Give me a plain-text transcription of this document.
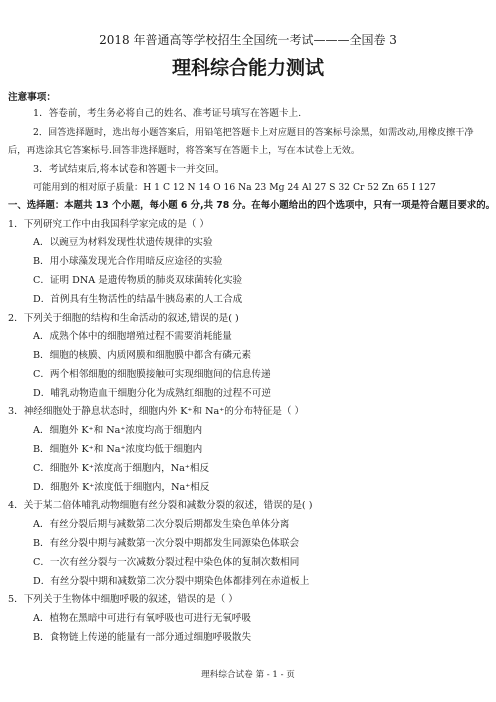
2018 年普通高等学校招生全国统一考试———全国卷 3
理科综合能力测试
注意事项：
1．答卷前，考生务必将自己的姓名、准考证号填写在答题卡上.
2．回答选择题时，选出每小题答案后，用铅笔把答题卡上对应题目的答案标号涂黑，如需改动,用橡皮擦干净
后，再选涂其它答案标号.回答非选择题时，将答案写在答题卡上，写在本试卷上无效。
3．考试结束后,将本试卷和答题卡一并交回。
可能用到的相对原子质量：H 1 C 12 N 14 O 16 Na 23 Mg 24 Al 27 S 32 Cr 52 Zn 65 I 127
一、选择题：本题共 13 个小题，每小题 6 分,共 78 分。在每小题给出的四个选项中，只有一项是符合题目要求的。
1．下列研究工作中由我国科学家完成的是（ ）
A．以豌豆为材料发现性状遗传规律的实验
B．用小球藻发现光合作用暗反应途径的实验
C．证明 DNA 是遗传物质的肺炎双球菌转化实验
D．首例具有生物活性的结晶牛胰岛素的人工合成
2．下列关于细胞的结构和生命活动的叙述,错误的是( )
A．成熟个体中的细胞增殖过程不需要消耗能量
B．细胞的核膜、内质网膜和细胞膜中都含有磷元素
C．两个相邻细胞的细胞膜接触可实现细胞间的信息传递
D．哺乳动物造血干细胞分化为成熟红细胞的过程不可逆
3．神经细胞处于静息状态时，细胞内外 K⁺和 Na⁺的分布特征是（ ）
A．细胞外 K⁺和 Na⁺浓度均高于细胞内
B．细胞外 K⁺和 Na⁺浓度均低于细胞内
C．细胞外 K⁺浓度高于细胞内，Na⁺相反
D．细胞外 K⁺浓度低于细胞内，Na⁺相反
4．关于某二倍体哺乳动物细胞有丝分裂和减数分裂的叙述，错误的是( )
A．有丝分裂后期与减数第二次分裂后期都发生染色单体分离
B．有丝分裂中期与减数第一次分裂中期都发生同源染色体联会
C．一次有丝分裂与一次减数分裂过程中染色体的复制次数相同
D．有丝分裂中期和减数第二次分裂中期染色体都排列在赤道板上
5．下列关于生物体中细胞呼吸的叙述，错误的是（ ）
A．植物在黑暗中可进行有氧呼吸也可进行无氧呼吸
B．食物链上传递的能量有一部分通过细胞呼吸散失
理科综合试卷 第 - 1 - 页
